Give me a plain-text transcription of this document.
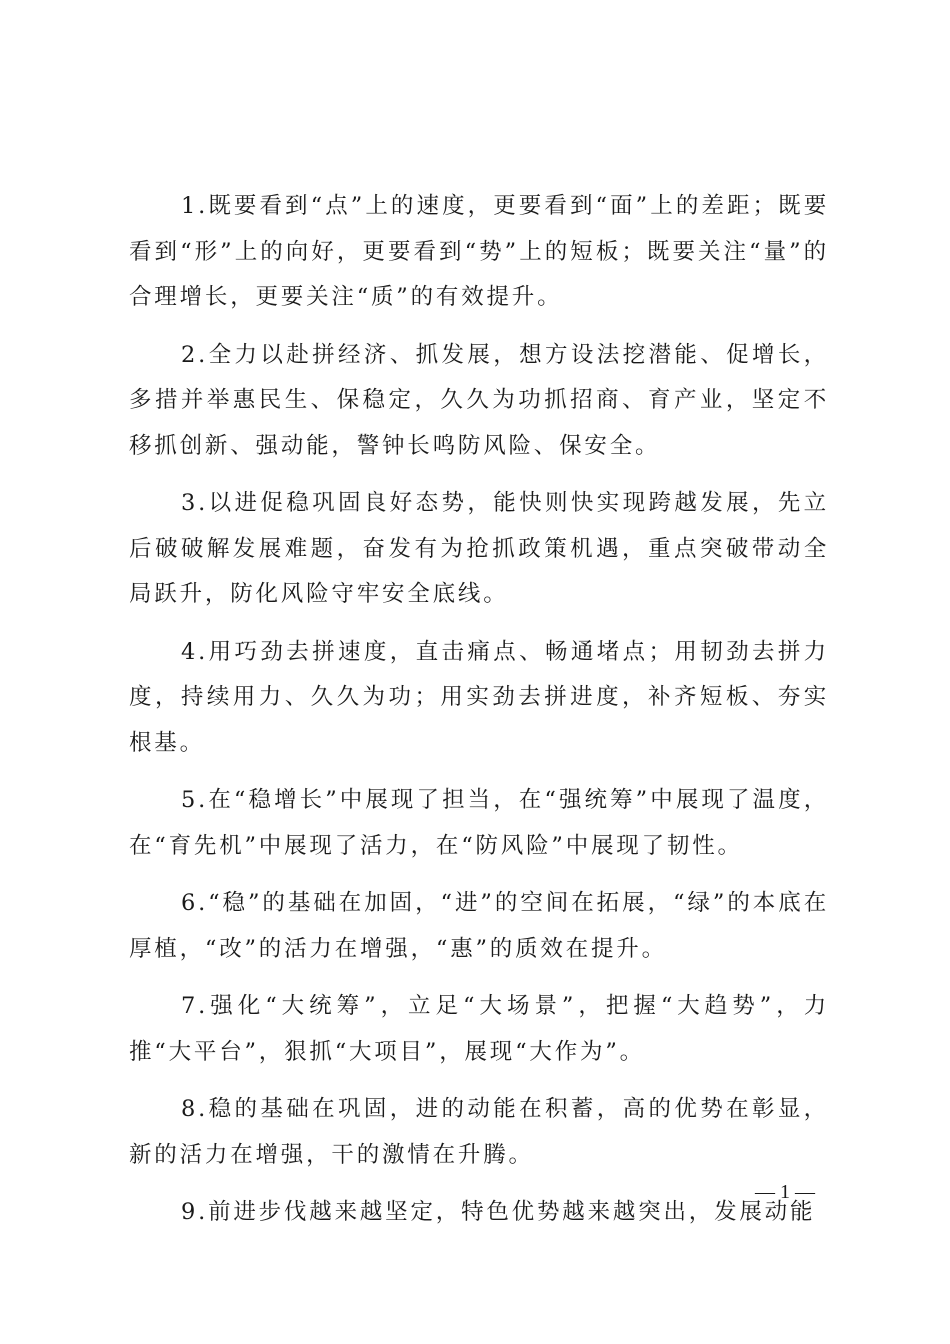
1.既要看到“点”上的速度，更要看到“面”上的差距；既要看到“形”上的向好，更要看到“势”上的短板；既要关注“量”的合理增长，更要关注“质”的有效提升。

2.全力以赴拼经济、抓发展，想方设法挖潜能、促增长，多措并举惠民生、保稳定，久久为功抓招商、育产业，坚定不移抓创新、强动能，警钟长鸣防风险、保安全。

3.以进促稳巩固良好态势，能快则快实现跨越发展，先立后破破解发展难题，奋发有为抢抓政策机遇，重点突破带动全局跃升，防化风险守牢安全底线。

4.用巧劲去拼速度，直击痛点、畅通堵点；用韧劲去拼力度，持续用力、久久为功；用实劲去拼进度，补齐短板、夯实根基。

5.在“稳增长”中展现了担当，在“强统筹”中展现了温度，在“育先机”中展现了活力，在“防风险”中展现了韧性。

6.“稳”的基础在加固，“进”的空间在拓展，“绿”的本底在厚植，“改”的活力在增强，“惠”的质效在提升。

7.强化“大统筹”，立足“大场景”，把握“大趋势”，力推“大平台”，狠抓“大项目”，展现“大作为”。

8.稳的基础在巩固，进的动能在积蓄，高的优势在彰显，新的活力在增强，干的激情在升腾。

9.前进步伐越来越坚定，特色优势越来越突出，发展动能

— 1 —
